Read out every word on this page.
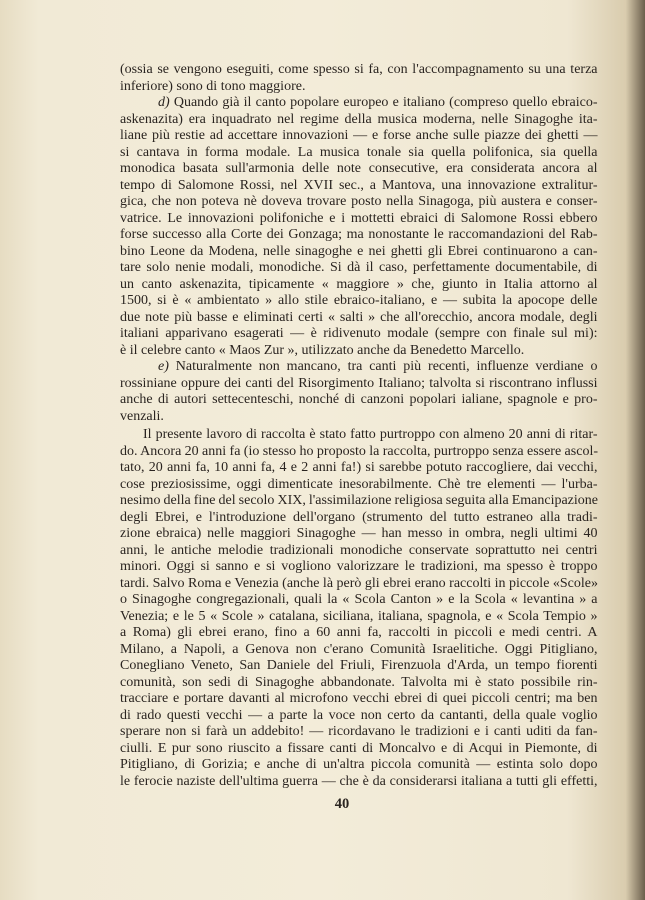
(ossia se vengono eseguiti, come spesso si fa, con l'accompagnamento su una terza
inferiore) sono di tono maggiore.
d) Quando già il canto popolare europeo e italiano (compreso quello ebraico-
askenazita) era inquadrato nel regime della musica moderna, nelle Sinagoghe ita-
liane più restie ad accettare innovazioni — e forse anche sulle piazze dei ghetti —
si cantava in forma modale. La musica tonale sia quella polifonica, sia quella
monodica basata sull'armonia delle note consecutive, era considerata ancora al
tempo di Salomone Rossi, nel XVII sec., a Mantova, una innovazione extralitur-
gica, che non poteva nè doveva trovare posto nella Sinagoga, più austera e conser-
vatrice. Le innovazioni polifoniche e i mottetti ebraici di Salomone Rossi ebbero
forse successo alla Corte dei Gonzaga; ma nonostante le raccomandazioni del Rab-
bino Leone da Modena, nelle sinagoghe e nei ghetti gli Ebrei continuarono a can-
tare solo nenie modali, monodiche. Si dà il caso, perfettamente documentabile, di
un canto askenazita, tipicamente « maggiore » che, giunto in Italia attorno al
1500, si è « ambientato » allo stile ebraico-italiano, e — subita la apocope delle
due note più basse e eliminati certi « salti » che all'orecchio, ancora modale, degli
italiani apparivano esagerati — è ridivenuto modale (sempre con finale sul mi):
è il celebre canto « Maos Zur », utilizzato anche da Benedetto Marcello.
e) Naturalmente non mancano, tra canti più recenti, influenze verdiane o
rossiniane oppure dei canti del Risorgimento Italiano; talvolta si riscontrano influssi
anche di autori settecenteschi, nonché di canzoni popolari ialiane, spagnole e pro-
venzali.
Il presente lavoro di raccolta è stato fatto purtroppo con almeno 20 anni di ritar-
do. Ancora 20 anni fa (io stesso ho proposto la raccolta, purtroppo senza essere ascol-
tato, 20 anni fa, 10 anni fa, 4 e 2 anni fa!) si sarebbe potuto raccogliere, dai vecchi,
cose preziosissime, oggi dimenticate inesorabilmente. Chè tre elementi — l'urba-
nesimo della fine del secolo XIX, l'assimilazione religiosa seguita alla Emancipazione
degli Ebrei, e l'introduzione dell'organo (strumento del tutto estraneo alla tradi-
zione ebraica) nelle maggiori Sinagoghe — han messo in ombra, negli ultimi 40
anni, le antiche melodie tradizionali monodiche conservate soprattutto nei centri
minori. Oggi si sanno e si vogliono valorizzare le tradizioni, ma spesso è troppo
tardi. Salvo Roma e Venezia (anche là però gli ebrei erano raccolti in piccole «Scole»
o Sinagoghe congregazionali, quali la « Scola Canton » e la Scola « levantina » a
Venezia; e le 5 « Scole » catalana, siciliana, italiana, spagnola, e « Scola Tempio »
a Roma) gli ebrei erano, fino a 60 anni fa, raccolti in piccoli e medi centri. A
Milano, a Napoli, a Genova non c'erano Comunità Israelitiche. Oggi Pitigliano,
Conegliano Veneto, San Daniele del Friuli, Firenzuola d'Arda, un tempo fiorenti
comunità, son sedi di Sinagoghe abbandonate. Talvolta mi è stato possibile rin-
tracciare e portare davanti al microfono vecchi ebrei di quei piccoli centri; ma ben
di rado questi vecchi — a parte la voce non certo da cantanti, della quale voglio
sperare non si farà un addebito! — ricordavano le tradizioni e i canti uditi da fan-
ciulli. E pur sono riuscito a fissare canti di Moncalvo e di Acqui in Piemonte, di
Pitigliano, di Gorizia; e anche di un'altra piccola comunità — estinta solo dopo
le ferocie naziste dell'ultima guerra — che è da considerarsi italiana a tutti gli effetti,
40
